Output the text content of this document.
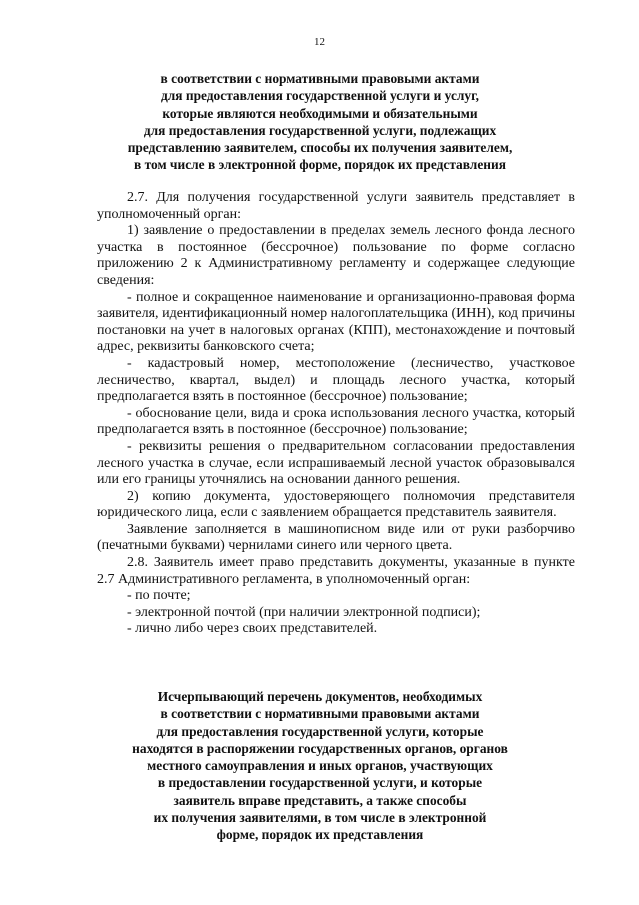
12
в соответствии с нормативными правовыми актами
для предоставления государственной услуги и услуг,
которые являются необходимыми и обязательными
для предоставления государственной услуги, подлежащих
представлению заявителем, способы их получения заявителем,
в том числе в электронной форме, порядок их представления

2.7. Для получения государственной услуги заявитель представляет в уполномоченный орган:

1) заявление о предоставлении в пределах земель лесного фонда лесного участка в постоянное (бессрочное) пользование по форме согласно приложению 2 к Административному регламенту и содержащее следующие сведения:

- полное и сокращенное наименование и организационно-правовая форма заявителя, идентификационный номер налогоплательщика (ИНН), код причины постановки на учет в налоговых органах (КПП), местонахождение и почтовый адрес, реквизиты банковского счета;

- кадастровый номер, местоположение (лесничество, участковое лесничество, квартал, выдел) и площадь лесного участка, который предполагается взять в постоянное (бессрочное) пользование;

- обоснование цели, вида и срока использования лесного участка, который предполагается взять в постоянное (бессрочное) пользование;

- реквизиты решения о предварительном согласовании предоставления лесного участка в случае, если испрашиваемый лесной участок образовывался или его границы уточнялись на основании данного решения.

2) копию документа, удостоверяющего полномочия представителя юридического лица, если с заявлением обращается представитель заявителя.

Заявление заполняется в машинописном виде или от руки разборчиво (печатными буквами) чернилами синего или черного цвета.

2.8. Заявитель имеет право представить документы, указанные в пункте 2.7 Административного регламента, в уполномоченный орган:

- по почте;

- электронной почтой (при наличии электронной подписи);

- лично либо через своих представителей.

Исчерпывающий перечень документов, необходимых
в соответствии с нормативными правовыми актами
для предоставления государственной услуги, которые
находятся в распоряжении государственных органов, органов
местного самоуправления и иных органов, участвующих
в предоставлении государственной услуги, и которые
заявитель вправе представить, а также способы
их получения заявителями, в том числе в электронной
форме, порядок их представления
